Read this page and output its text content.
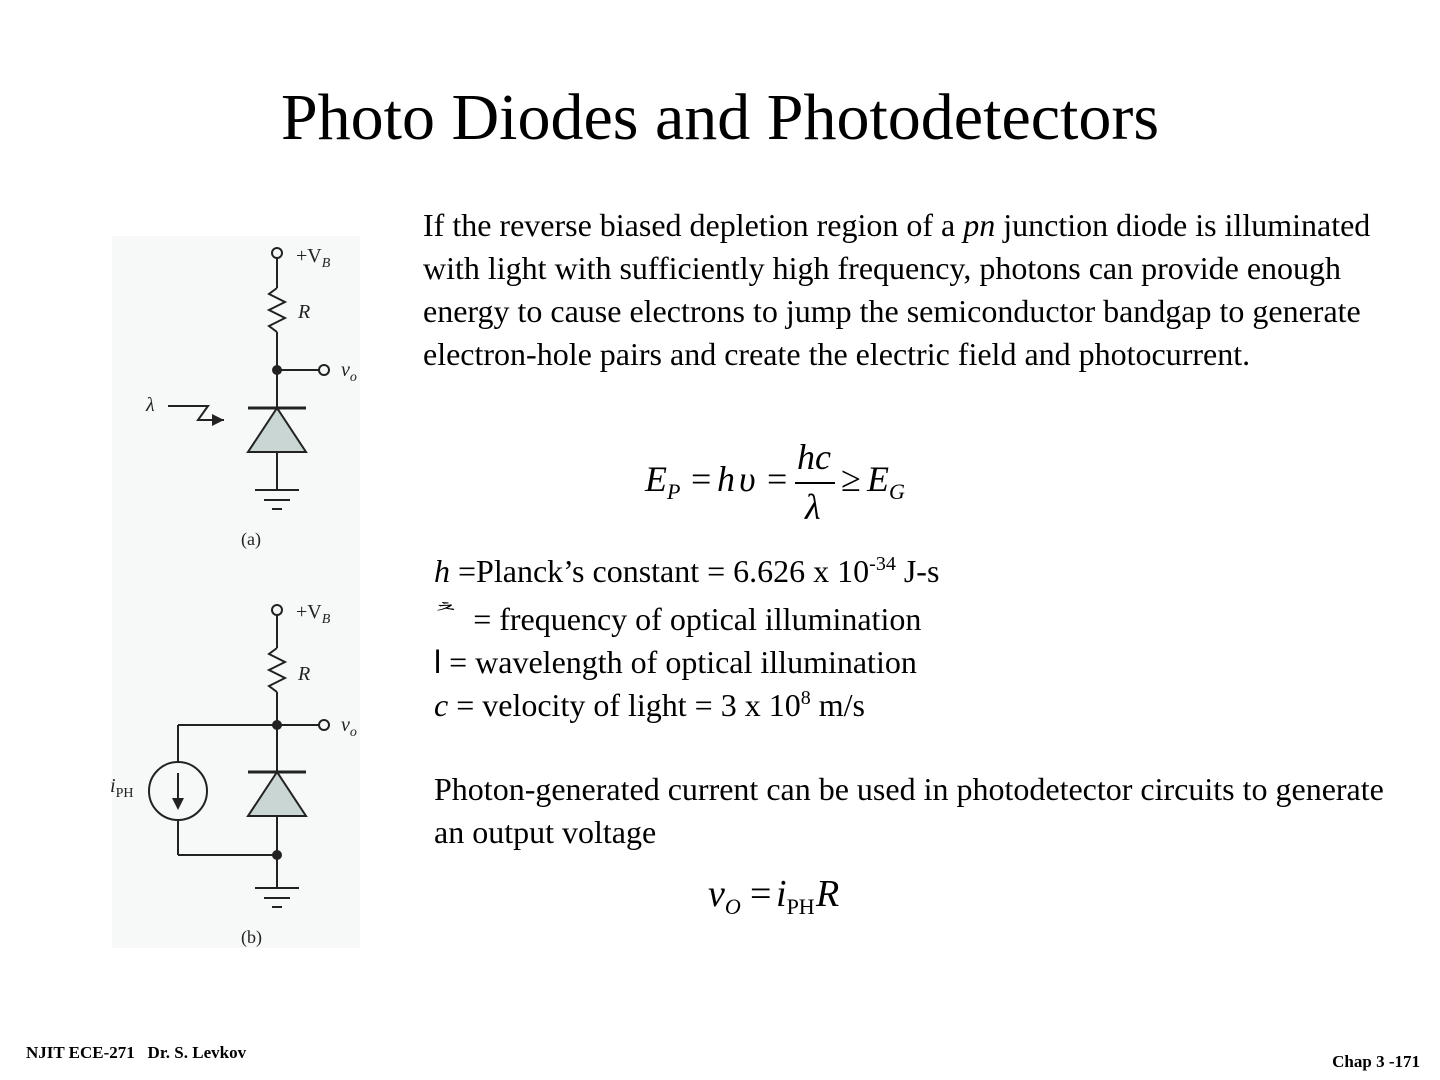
Photo Diodes and Photodetectors
$+V_B$
R
$v_o$
λ
(a)
$+V_B$
R
$v_o$
$i_{PH}$
(b)
If the reverse biased depletion region of a pn junction diode is illuminated with light with sufficiently high frequency, photons can provide enough energy to cause electrons to jump the semiconductor bandgap to generate electron-hole pairs and create the electric field and photocurrent.
$E_P = h$ υ =
hc
λ
≥ $E_G$
h =Planck’s constant = 6.626 x $10^{-34}$ J-s
$^ᄎ$  = frequency of optical illumination
l = wavelength of optical illumination
c = velocity of light = 3 x $10^8$ m/s
Photon-generated current can be used in photodetector circuits to generate an output voltage
$v_O = i_{PH}$ R
NJIT ECE-271   Dr. S. Levkov	Chap 3 -171
